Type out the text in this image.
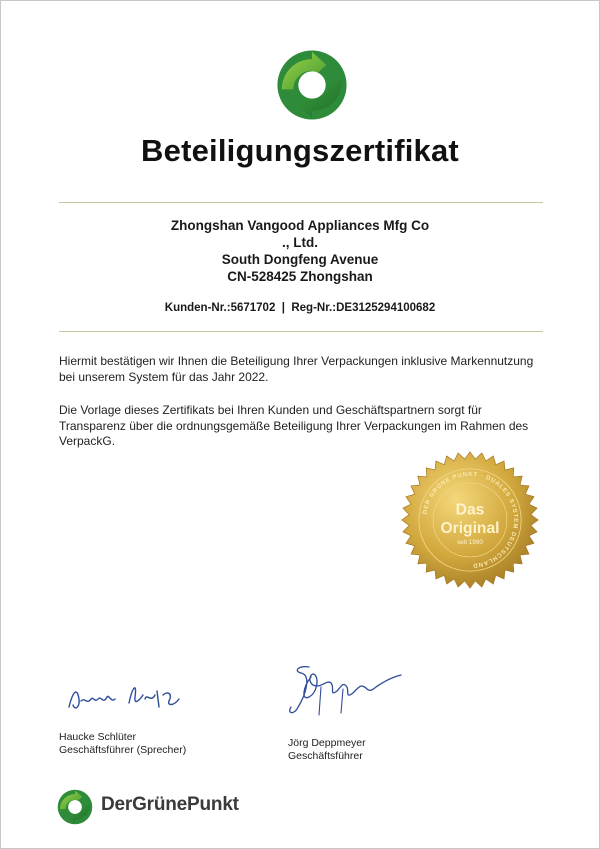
Beteiligungszertifikat
Zhongshan Vangood Appliances Mfg Co
., Ltd.
South Dongfeng Avenue
CN-528425 Zhongshan
Kunden-Nr.:5671702 | Reg-Nr.:DE3125294100682
Hiermit bestätigen wir Ihnen die Beteiligung Ihrer Verpackungen inklusive Markennutzung bei unserem System für das Jahr 2022.
Die Vorlage dieses Zertifikats bei Ihren Kunden und Geschäftspartnern sorgt für Transparenz über die ordnungsgemäße Beteiligung Ihrer Verpackungen im Rahmen des VerpackG.
DER GRÜNE PUNKT · DUALES SYSTEM DEUTSCHLAND
Das
Original
seit 1990
Haucke Schlüter
Geschäftsführer (Sprecher)
Jörg Deppmeyer
Geschäftsführer
DerGrünePunkt
